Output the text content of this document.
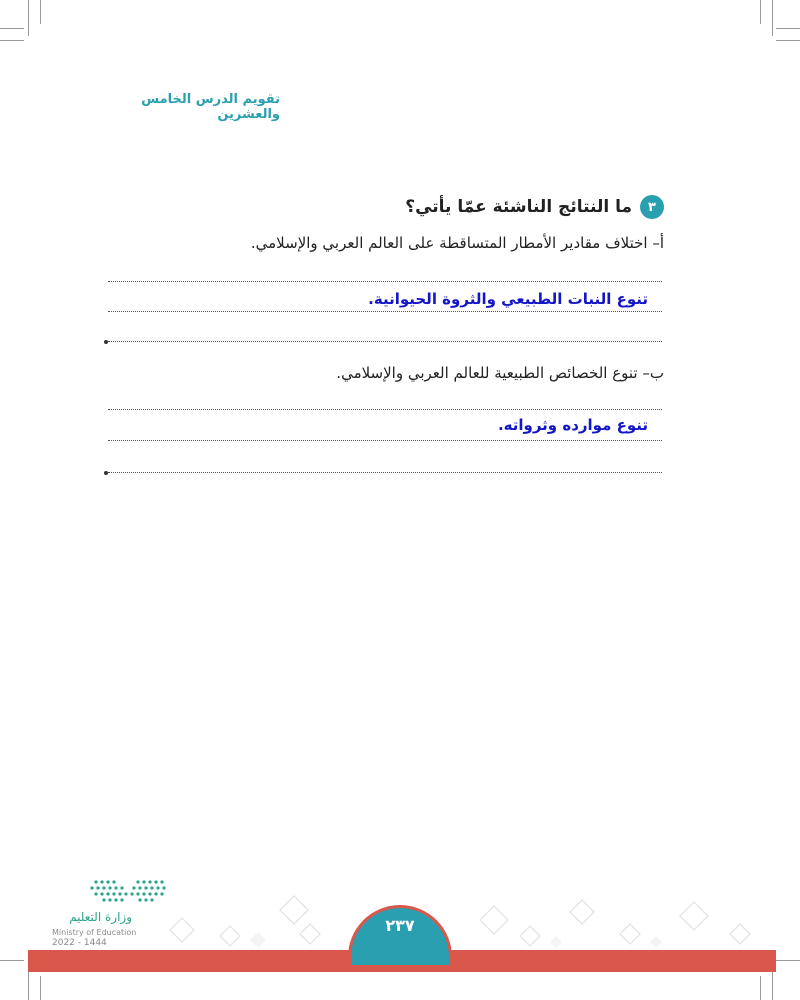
تقويم الدرس الخامس والعشرين
٣
ما النتائج الناشئة عمّا يأتي؟
أ– اختلاف مقادير الأمطار المتساقطة على العالم العربي والإسلامي.
تنوع النبات الطبيعي والثروة الحيوانية.
ب– تنوع الخصائص الطبيعية للعالم العربي والإسلامي.
تنوع موارده وثرواته.
٢٣٧
وزارة التعليم
Ministry of Education
2022 - 1444
